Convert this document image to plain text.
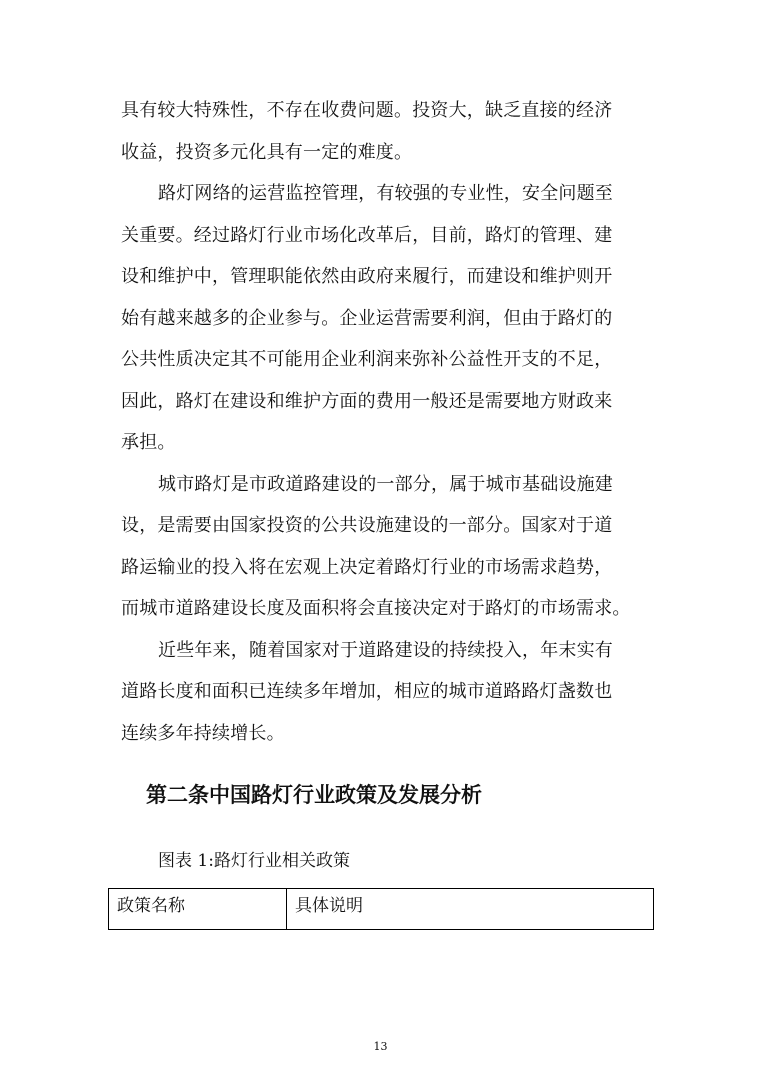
具有较大特殊性，不存在收费问题。投资大，缺乏直接的经济
收益，投资多元化具有一定的难度。
路灯网络的运营监控管理，有较强的专业性，安全问题至
关重要。经过路灯行业市场化改革后，目前，路灯的管理、建
设和维护中，管理职能依然由政府来履行，而建设和维护则开
始有越来越多的企业参与。企业运营需要利润，但由于路灯的
公共性质决定其不可能用企业利润来弥补公益性开支的不足，
因此，路灯在建设和维护方面的费用一般还是需要地方财政来
承担。
城市路灯是市政道路建设的一部分，属于城市基础设施建
设，是需要由国家投资的公共设施建设的一部分。国家对于道
路运输业的投入将在宏观上决定着路灯行业的市场需求趋势，
而城市道路建设长度及面积将会直接决定对于路灯的市场需求。
近些年来，随着国家对于道路建设的持续投入，年末实有
道路长度和面积已连续多年增加，相应的城市道路路灯盏数也
连续多年持续增长。
第二条中国路灯行业政策及发展分析
图表 1:路灯行业相关政策
政策名称	具体说明
13
